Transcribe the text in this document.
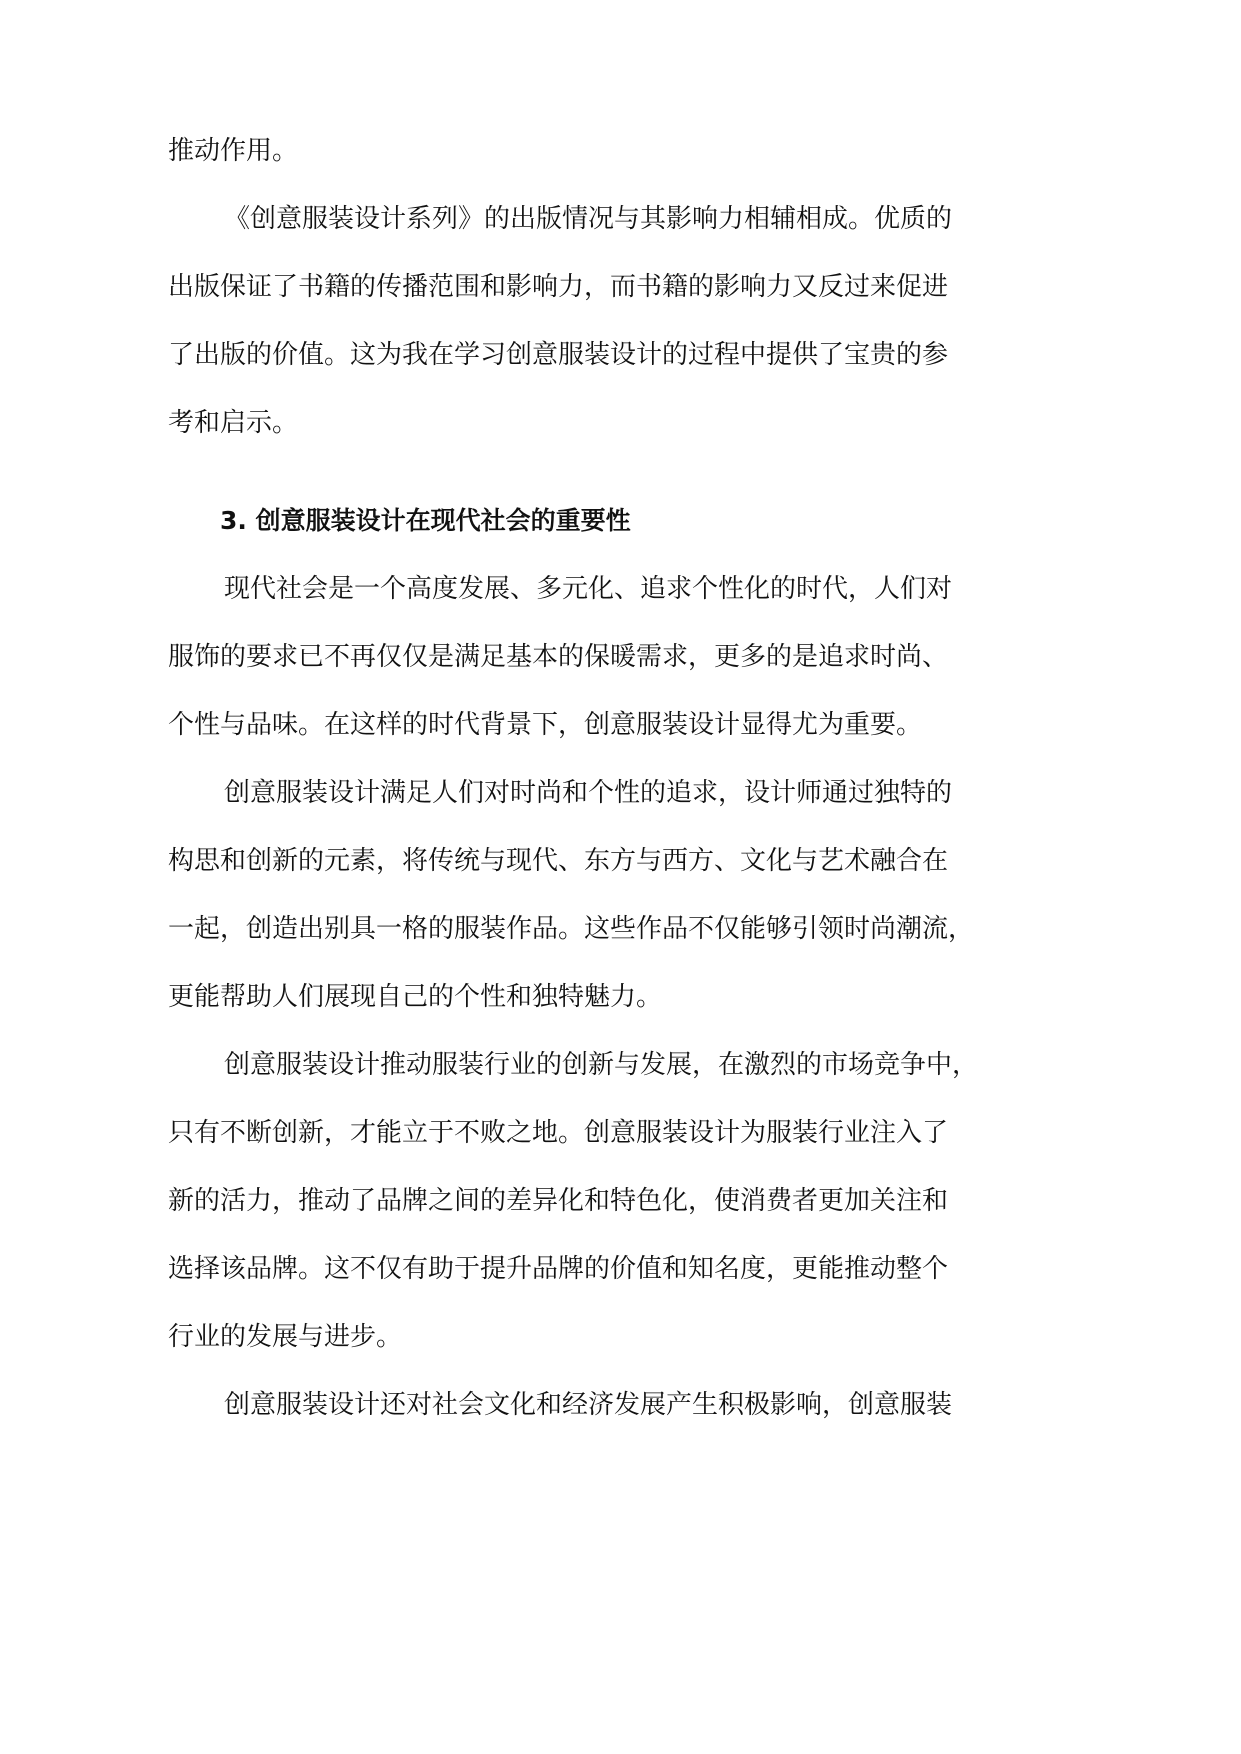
推动作用。
《创意服装设计系列》的出版情况与其影响力相辅相成。优质的
出版保证了书籍的传播范围和影响力，而书籍的影响力又反过来促进
了出版的价值。这为我在学习创意服装设计的过程中提供了宝贵的参
考和启示。
3. 创意服装设计在现代社会的重要性
现代社会是一个高度发展、多元化、追求个性化的时代，人们对
服饰的要求已不再仅仅是满足基本的保暖需求，更多的是追求时尚、
个性与品味。在这样的时代背景下，创意服装设计显得尤为重要。
创意服装设计满足人们对时尚和个性的追求，设计师通过独特的
构思和创新的元素，将传统与现代、东方与西方、文化与艺术融合在
一起，创造出别具一格的服装作品。这些作品不仅能够引领时尚潮流，
更能帮助人们展现自己的个性和独特魅力。
创意服装设计推动服装行业的创新与发展，在激烈的市场竞争中，
只有不断创新，才能立于不败之地。创意服装设计为服装行业注入了
新的活力，推动了品牌之间的差异化和特色化，使消费者更加关注和
选择该品牌。这不仅有助于提升品牌的价值和知名度，更能推动整个
行业的发展与进步。
创意服装设计还对社会文化和经济发展产生积极影响，创意服装
